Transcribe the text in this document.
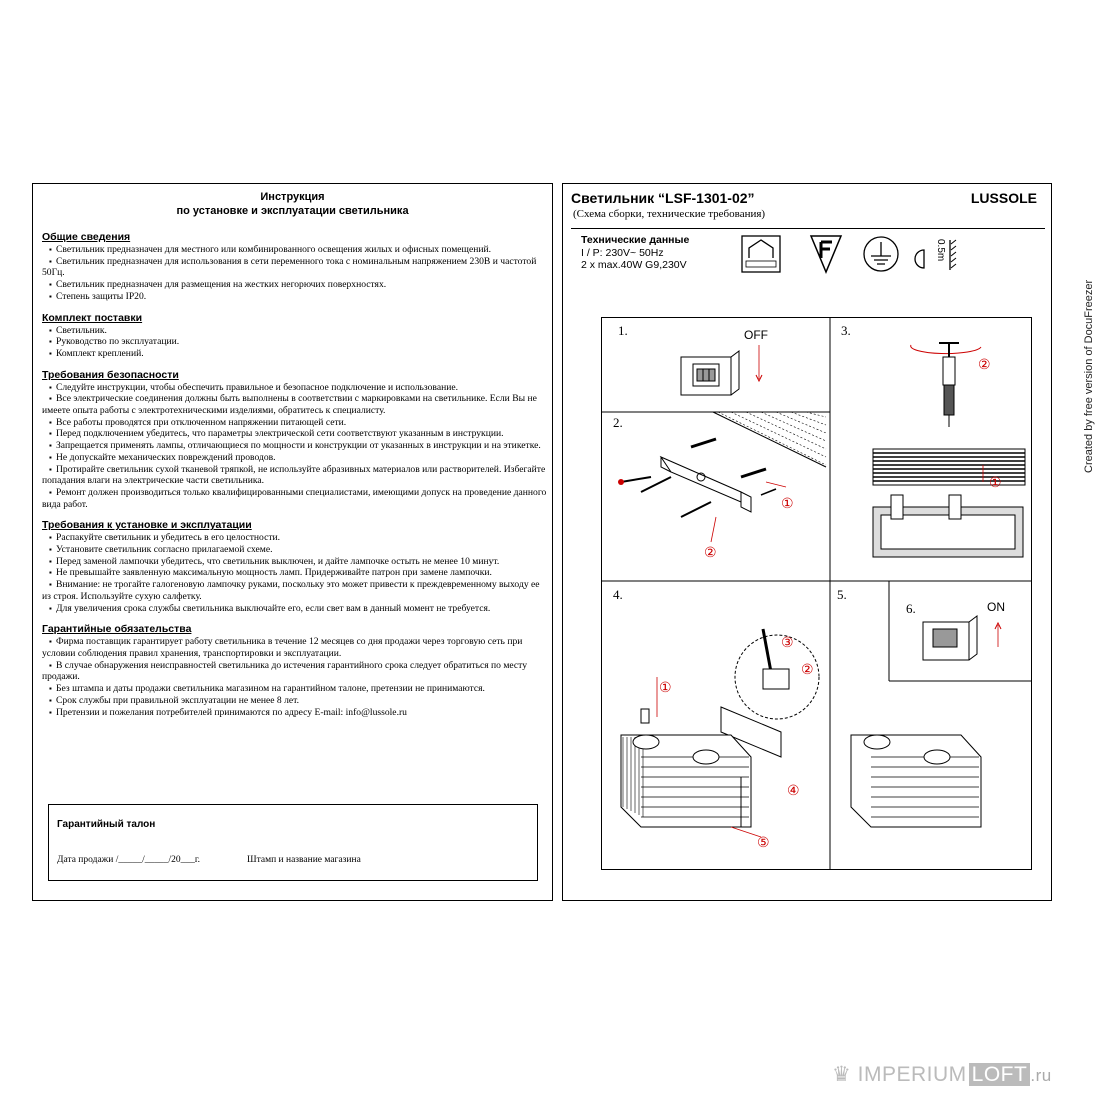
Инструкция
по установке и эксплуатации светильника
Общие сведения
▪ Светильник предназначен для местного или комбинированного освещения жилых и офисных помещений.
▪ Светильник предназначен для использования в сети переменного тока с номинальным напряжением 230В и частотой 50Гц.
▪ Светильник предназначен для размещения на жестких негорючих поверхностях.
▪ Степень защиты IP20.
Комплект поставки
▪ Светильник.
▪ Руководство по эксплуатации.
▪ Комплект креплений.
Требования безопасности
▪ Следуйте инструкции, чтобы обеспечить правильное и безопасное подключение и использование.
▪ Все электрические соединения должны быть выполнены в соответствии с маркировками на светильнике. Если Вы не имеете опыта работы с электротехническими изделиями, обратитесь к специалисту.
▪ Все работы проводятся при отключенном напряжении питающей сети.
▪ Перед подключением убедитесь, что параметры электрической сети соответствуют указанным в инструкции.
▪ Запрещается применять лампы, отличающиеся по мощности и конструкции от указанных в инструкции и на этикетке.
▪ Не допускайте механических повреждений проводов.
▪ Протирайте светильник сухой тканевой тряпкой, не используйте абразивных материалов или растворителей. Избегайте попадания влаги на электрические части светильника.
▪ Ремонт должен производиться только квалифицированными специалистами, имеющими допуск на проведение данного вида работ.
Требования к установке и эксплуатации
▪ Распакуйте светильник и убедитесь в его целостности.
▪ Установите светильник согласно прилагаемой схеме.
▪ Перед заменой лампочки убедитесь, что светильник выключен, и дайте лампочке остыть не менее 10 минут.
▪ Не превышайте заявленную максимальную мощность ламп. Придерживайте патрон при замене лампочки.
▪ Внимание: не трогайте галогеновую лампочку руками, поскольку это может привести к преждевременному выходу ее из строя. Используйте сухую салфетку.
▪ Для увеличения срока службы светильника выключайте его, если свет вам в данный момент не требуется.
Гарантийные обязательства
▪ Фирма поставщик гарантирует работу светильника в течение 12 месяцев со дня продажи через торговую сеть при условии соблюдения правил хранения, транспортировки и эксплуатации.
▪ В случае обнаружения неисправностей светильника до истечения гарантийного срока следует обратиться по месту продажи.
▪ Без штампа и даты продажи светильника магазином на гарантийном талоне, претензии не принимаются.
▪ Срок службы при правильной эксплуатации не менее 8 лет.
▪ Претензии и пожелания потребителей принимаются по адресу E-mail: info@lussole.ru
Гарантийный талон
Дата продажи /_____/_____/20___г.	Штамп и название магазина
Светильник “LSF-1301-02”	LUSSOLE
(Схема сборки, технические требования)
Технические данные
I / P: 230V~ 50Hz
2 x max.40W G9,230V
0.5m
1.
2.
3.
4.	5.
6.
OFF
①
②
②
①
③
②
①
④
⑤
ON
Created by free version of DocuFreezer
♛ IMPERIUM LOFT .ru
